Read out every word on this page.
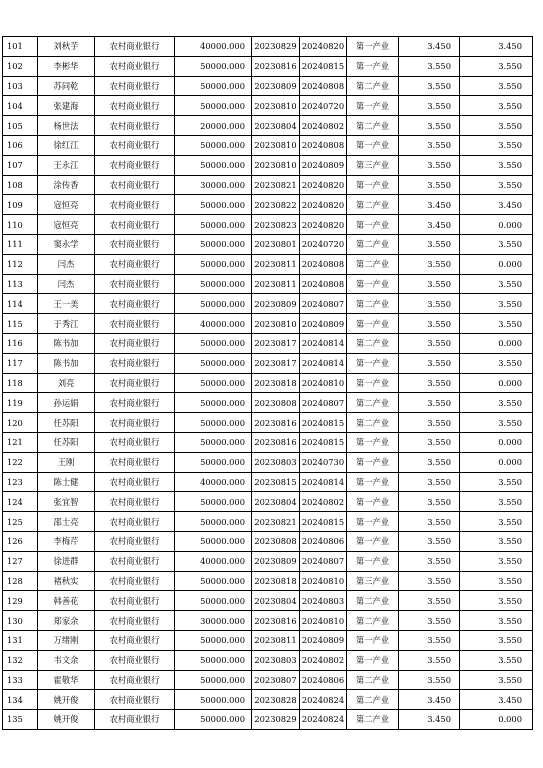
101	刘秋芋	农村商业银行	40000.000	20230829	20240820	第一产业	3.450	3.450
102	李彬华	农村商业银行	50000.000	20230816	20240815	第一产业	3.550	3.550
103	苏同乾	农村商业银行	50000.000	20230809	20240808	第二产业	3.550	3.550
104	张建海	农村商业银行	50000.000	20230810	20240720	第一产业	3.550	3.550
105	杨世法	农村商业银行	20000.000	20230804	20240802	第二产业	3.550	3.550
106	徐红江	农村商业银行	50000.000	20230810	20240808	第一产业	3.550	3.550
107	王永江	农村商业银行	50000.000	20230810	20240809	第三产业	3.550	3.550
108	涂传香	农村商业银行	30000.000	20230821	20240820	第一产业	3.550	3.550
109	寇恒亮	农村商业银行	50000.000	20230822	20240820	第二产业	3.450	3.450
110	寇恒亮	农村商业银行	50000.000	20230823	20240820	第一产业	3.450	0.000
111	窦永学	农村商业银行	50000.000	20230801	20240720	第二产业	3.550	3.550
112	闫杰	农村商业银行	50000.000	20230811	20240808	第二产业	3.550	0.000
113	闫杰	农村商业银行	50000.000	20230811	20240808	第一产业	3.550	3.550
114	王一美	农村商业银行	50000.000	20230809	20240807	第二产业	3.550	3.550
115	于秀江	农村商业银行	40000.000	20230810	20240809	第一产业	3.550	3.550
116	陈书加	农村商业银行	50000.000	20230817	20240814	第二产业	3.550	0.000
117	陈书加	农村商业银行	50000.000	20230817	20240814	第一产业	3.550	3.550
118	刘亮	农村商业银行	50000.000	20230818	20240810	第一产业	3.550	0.000
119	孙运娟	农村商业银行	50000.000	20230808	20240807	第二产业	3.550	3.550
120	任苏阳	农村商业银行	50000.000	20230816	20240815	第二产业	3.550	3.550
121	任苏阳	农村商业银行	50000.000	20230816	20240815	第一产业	3.550	0.000
122	王刚	农村商业银行	50000.000	20230803	20240730	第一产业	3.550	0.000
123	陈士健	农村商业银行	40000.000	20230815	20240814	第一产业	3.550	3.550
124	张宜智	农村商业银行	50000.000	20230804	20240802	第一产业	3.550	3.550
125	邵士亮	农村商业银行	50000.000	20230821	20240815	第一产业	3.550	3.550
126	李梅芹	农村商业银行	50000.000	20230808	20240806	第一产业	3.550	3.550
127	徐进群	农村商业银行	40000.000	20230809	20240807	第一产业	3.550	3.550
128	褚秋实	农村商业银行	50000.000	20230818	20240810	第三产业	3.550	3.550
129	韩善花	农村商业银行	50000.000	20230804	20240803	第二产业	3.550	3.550
130	郑家余	农村商业银行	30000.000	20230816	20240810	第二产业	3.550	3.550
131	万绪刚	农村商业银行	50000.000	20230811	20240809	第一产业	3.550	3.550
132	韦文余	农村商业银行	50000.000	20230803	20240802	第一产业	3.550	3.550
133	霍敬华	农村商业银行	50000.000	20230807	20240806	第二产业	3.550	3.550
134	姚开俊	农村商业银行	50000.000	20230828	20240824	第二产业	3.450	3.450
135	姚开俊	农村商业银行	50000.000	20230829	20240824	第二产业	3.450	0.000
